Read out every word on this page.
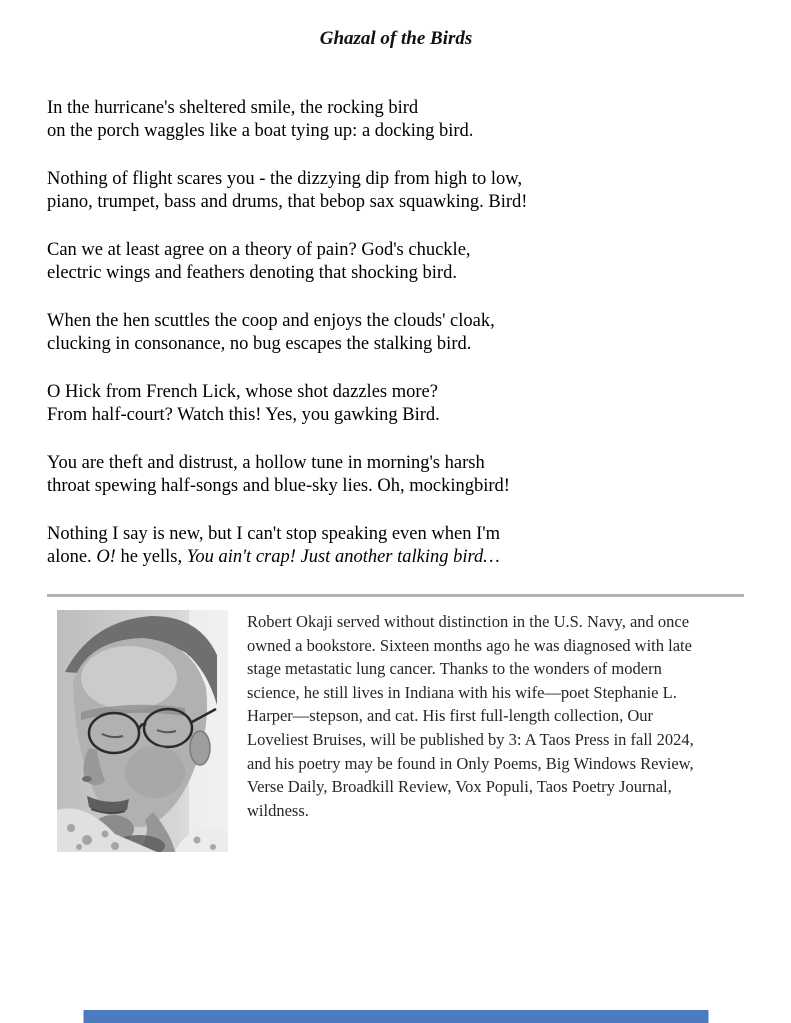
Ghazal of the Birds

In the hurricane's sheltered smile, the rocking bird
on the porch waggles like a boat tying up: a docking bird.

Nothing of flight scares you - the dizzying dip from high to low,
piano, trumpet, bass and drums, that bebop sax squawking. Bird!

Can we at least agree on a theory of pain? God's chuckle,
electric wings and feathers denoting that shocking bird.

When the hen scuttles the coop and enjoys the clouds' cloak,
clucking in consonance, no bug escapes the stalking bird.

O Hick from French Lick, whose shot dazzles more?
From half-court? Watch this! Yes, you gawking Bird.

You are theft and distrust, a hollow tune in morning's harsh
throat spewing half-songs and blue-sky lies. Oh, mockingbird!

Nothing I say is new, but I can't stop speaking even when I'm
alone. O! he yells, You ain't crap! Just another talking bird…

Robert Okaji served without distinction in the U.S. Navy, and once
owned a bookstore. Sixteen months ago he was diagnosed with late
stage metastatic lung cancer. Thanks to the wonders of modern
science, he still lives in Indiana with his wife—poet Stephanie L.
Harper—stepson, and cat. His first full-length collection, Our
Loveliest Bruises, will be published by 3: A Taos Press in fall 2024,
and his poetry may be found in Only Poems, Big Windows Review,
Verse Daily, Broadkill Review, Vox Populi, Taos Poetry Journal,
wildness.
